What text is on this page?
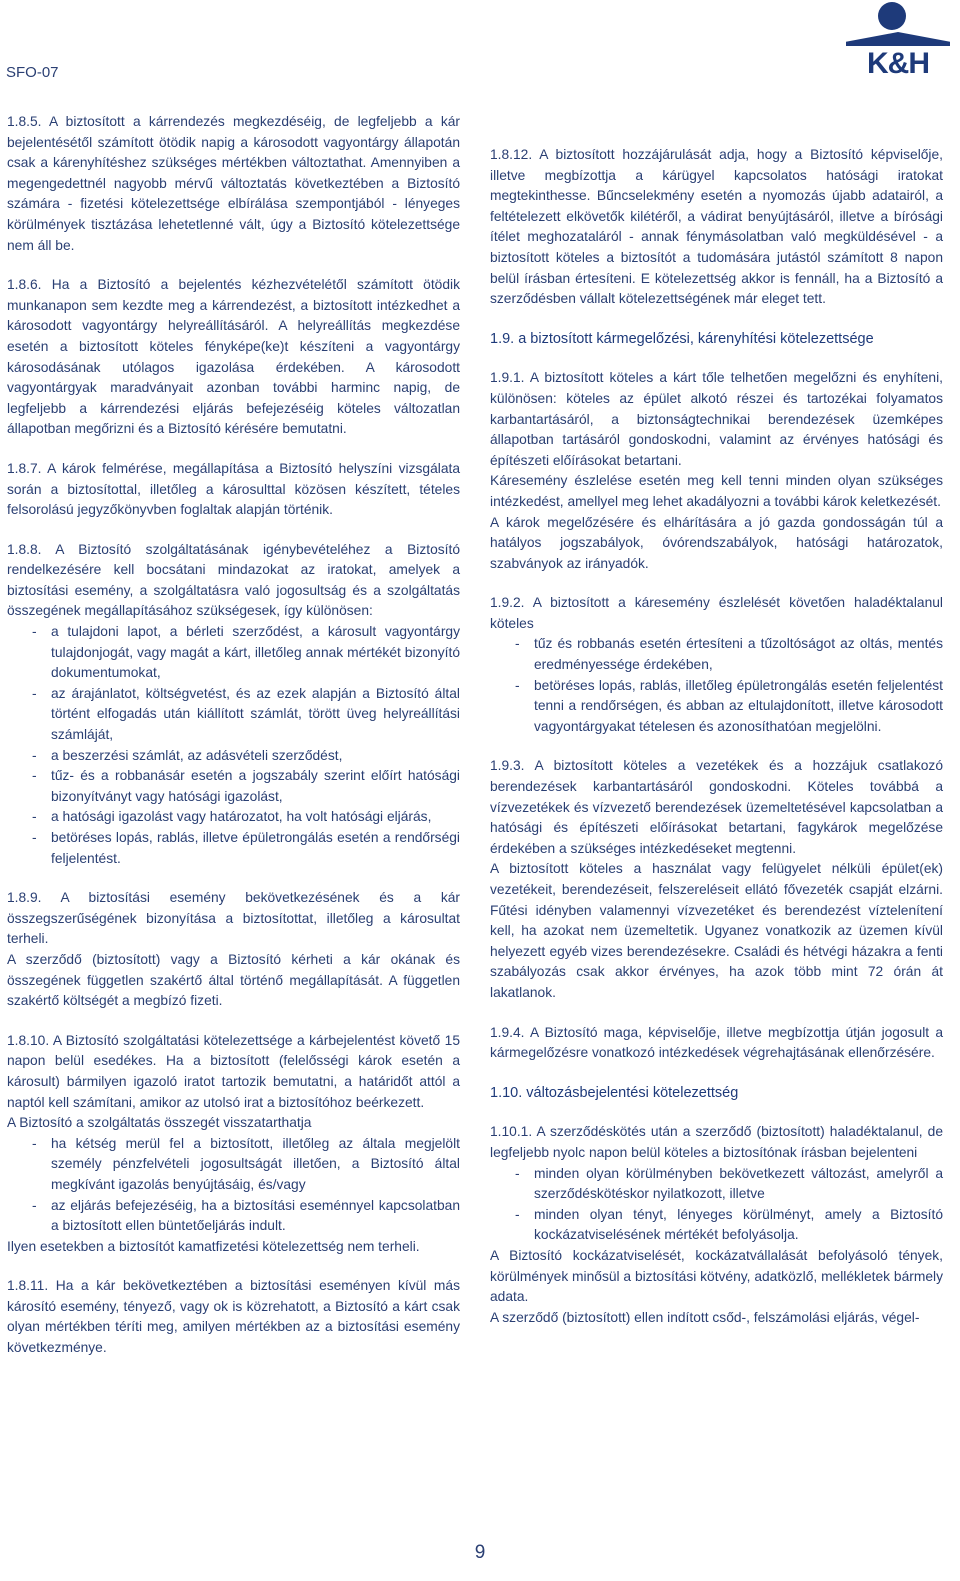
SFO-07	K&H

1.8.5. A biztosított a kárrendezés megkezdéséig, de legfeljebb a kár bejelentésétől számított ötödik napig a károsodott vagyontárgy állapotán csak a kárenyhítéshez szükséges mértékben változtathat. Amennyiben a megengedettnél nagyobb mérvű változtatás következtében a Biztosító számára - fizetési kötelezettsége elbírálása szempontjából - lényeges körülmények tisztázása lehetetlenné vált, úgy a Biztosító kötelezettsége nem áll be.

1.8.6. Ha a Biztosító a bejelentés kézhezvételétől számított ötödik munkanapon sem kezdte meg a kárrendezést, a biztosított intézkedhet a károsodott vagyontárgy helyreállításáról. A helyreállítás megkezdése esetén a biztosított köteles fényképe(ke)t készíteni a vagyontárgy károsodásának utólagos igazolása érdekében. A károsodott vagyontárgyak maradványait azonban további harminc napig, de legfeljebb a kárrendezési eljárás befejezéséig köteles változatlan állapotban megőrizni és a Biztosító kérésére bemutatni.

1.8.7. A károk felmérése, megállapítása a Biztosító helyszíni vizsgálata során a biztosítottal, illetőleg a károsulttal közösen készített, tételes felsorolású jegyzőkönyvben foglaltak alapján történik.

1.8.8. A Biztosító szolgáltatásának igénybevételéhez a Biztosító rendelkezésére kell bocsátani mindazokat az iratokat, amelyek a biztosítási esemény, a szolgáltatásra való jogosultság és a szolgáltatás összegének megállapításához szükségesek, így különösen:

- a tulajdoni lapot, a bérleti szerződést, a károsult vagyontárgy tulajdonjogát, vagy magát a kárt, illetőleg annak mértékét bizonyító dokumentumokat,
- az árajánlatot, költségvetést, és az ezek alapján a Biztosító által történt elfogadás után kiállított számlát, törött üveg helyreállítási számláját,
- a beszerzési számlát, az adásvételi szerződést,
- tűz- és a robbanásár esetén a jogszabály szerint előírt hatósági bizonyítványt vagy hatósági igazolást,
- a hatósági igazolást vagy határozatot, ha volt hatósági eljárás,
- betöréses lopás, rablás, illetve épületrongálás esetén a rendőrségi feljelentést.

1.8.9. A biztosítási esemény bekövetkezésének és a kár összegszerűségének bizonyítása a biztosítottat, illetőleg a károsultat terheli.

A szerződő (biztosított) vagy a Biztosító kérheti a kár okának és összegének független szakértő által történő megállapítását. A független szakértő költségét a megbízó fizeti.

1.8.10. A Biztosító szolgáltatási kötelezettsége a kárbejelentést követő 15 napon belül esedékes. Ha a biztosított (felelősségi károk esetén a károsult) bármilyen igazoló iratot tartozik bemutatni, a határidőt attól a naptól kell számítani, amikor az utolsó irat a biztosítóhoz beérkezett.

A Biztosító a szolgáltatás összegét visszatarthatja

- ha kétség merül fel a biztosított, illetőleg az általa megjelölt személy pénzfelvételi jogosultságát illetően, a Biztosító által megkívánt igazolás benyújtásáig, és/vagy
- az eljárás befejezéséig, ha a biztosítási eseménnyel kapcsolatban a biztosított ellen büntetőeljárás indult.

Ilyen esetekben a biztosítót kamatfizetési kötelezettség nem terheli.

1.8.11. Ha a kár bekövetkeztében a biztosítási eseményen kívül más károsító esemény, tényező, vagy ok is közrehatott, a Biztosító a kárt csak olyan mértékben téríti meg, amilyen mértékben az a biztosítási esemény következménye.

1.8.12. A biztosított hozzájárulását adja, hogy a Biztosító képviselője, illetve megbízottja a kárügyel kapcsolatos hatósági iratokat megtekinthesse. Bűncselekmény esetén a nyomozás újabb adatairól, a feltételezett elkövetők kilétéről, a vádirat benyújtásáról, illetve a bírósági ítélet meghozataláról - annak fénymásolatban való megküldésével - a biztosított köteles a biztosítót a tudomására jutástól számított 8 napon belül írásban értesíteni. E kötelezettség akkor is fennáll, ha a Biztosító a szerződésben vállalt kötelezettségének már eleget tett.

1.9. a biztosított kármegelőzési, kárenyhítési kötelezettsége

1.9.1. A biztosított köteles a kárt tőle telhetően megelőzni és enyhíteni, különösen: köteles az épület alkotó részei és tartozékai folyamatos karbantartásáról, a biztonságtechnikai berendezések üzemképes állapotban tartásáról gondoskodni, valamint az érvényes hatósági és építészeti előírásokat betartani.

Káresemény észlelése esetén meg kell tenni minden olyan szükséges intézkedést, amellyel meg lehet akadályozni a további károk keletkezését.

A károk megelőzésére és elhárítására a jó gazda gondosságán túl a hatályos jogszabályok, óvórendszabályok, hatósági határozatok, szabványok az irányadók.

1.9.2. A biztosított a káresemény észlelését követően haladéktalanul köteles

- tűz és robbanás esetén értesíteni a tűzoltóságot az oltás, mentés eredményessége érdekében,
- betöréses lopás, rablás, illetőleg épületrongálás esetén feljelentést tenni a rendőrségen, és abban az eltulajdonított, illetve károsodott vagyontárgyakat tételesen és azonosíthatóan megjelölni.

1.9.3. A biztosított köteles a vezetékek és a hozzájuk csatlakozó berendezések karbantartásáról gondoskodni. Köteles továbbá a vízvezetékek és vízvezető berendezések üzemeltetésével kapcsolatban a hatósági és építészeti előírásokat betartani, fagykárok megelőzése érdekében a szükséges intézkedéseket megtenni.

A biztosított köteles a használat vagy felügyelet nélküli épület(ek) vezetékeit, berendezéseit, felszereléseit ellátó fővezeték csapját elzárni. Fűtési idényben valamennyi vízvezetéket és berendezést víztelenítení kell, ha azokat nem üzemeltetik. Ugyanez vonatkozik az üzemen kívül helyezett egyéb vizes berendezésekre. Családi és hétvégi házakra a fenti szabályozás csak akkor érvényes, ha azok több mint 72 órán át lakatlanok.

1.9.4. A Biztosító maga, képviselője, illetve megbízottja útján jogosult a kármegelőzésre vonatkozó intézkedések végrehajtásának ellenőrzésére.

1.10. változásbejelentési kötelezettség

1.10.1. A szerződéskötés után a szerződő (biztosított) haladéktalanul, de legfeljebb nyolc napon belül köteles a biztosítónak írásban bejelenteni

- minden olyan körülményben bekövetkezett változást, amelyről a szerződéskötéskor nyilatkozott, illetve
- minden olyan tényt, lényeges körülményt, amely a Biztosító kockázatviselésének mértékét befolyásolja.

A Biztosító kockázatviselését, kockázatvállalását befolyásoló tények, körülmények minősül a biztosítási kötvény, adatközlő, mellékletek bármely adata.

A szerződő (biztosított) ellen indított csőd-, felszámolási eljárás, végel-

9
